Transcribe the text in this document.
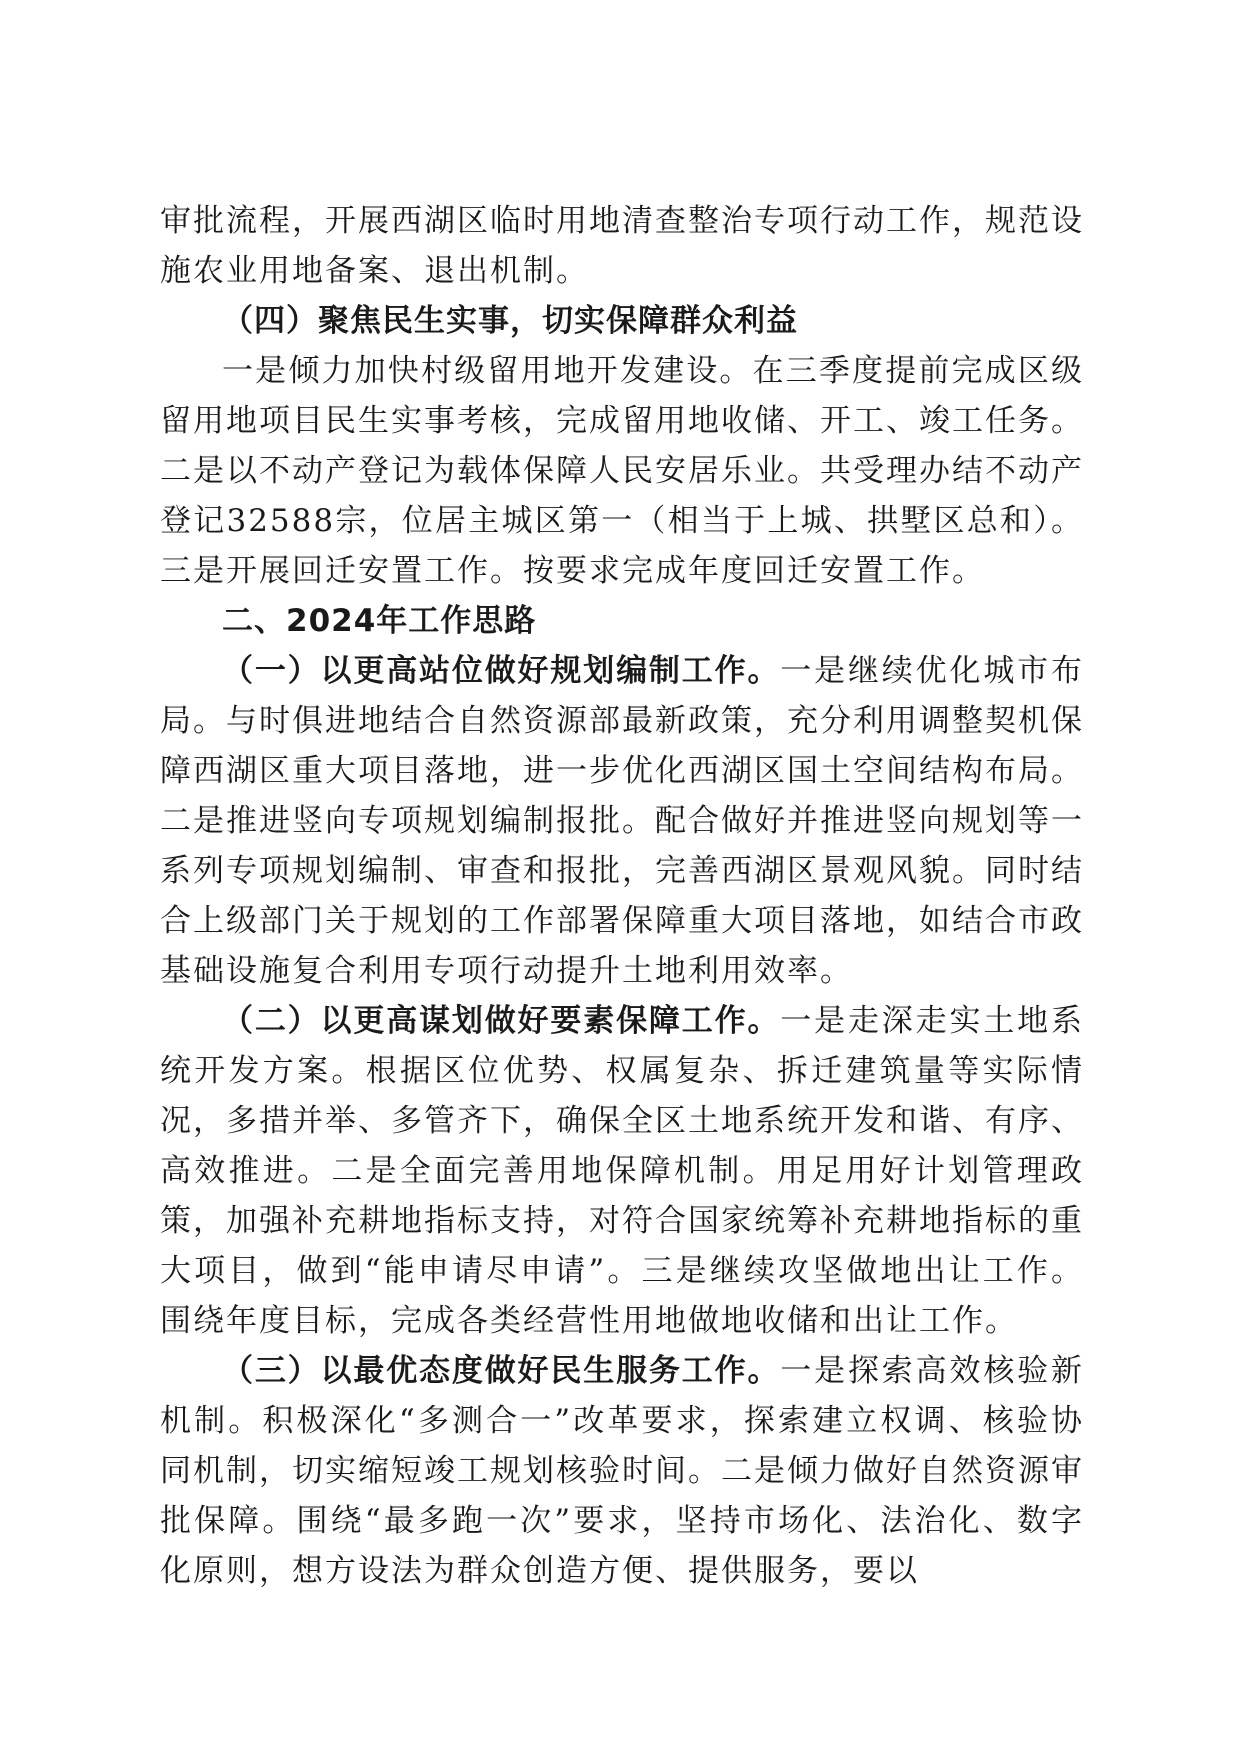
审批流程，开展西湖区临时用地清查整治专项行动工作，规范设施农业用地备案、退出机制。

（四）聚焦民生实事，切实保障群众利益

一是倾力加快村级留用地开发建设。在三季度提前完成区级留用地项目民生实事考核，完成留用地收储、开工、竣工任务。二是以不动产登记为载体保障人民安居乐业。共受理办结不动产登记32588宗，位居主城区第一（相当于上城、拱墅区总和）。三是开展回迁安置工作。按要求完成年度回迁安置工作。

二、2024年工作思路

（一）以更高站位做好规划编制工作。一是继续优化城市布局。与时俱进地结合自然资源部最新政策，充分利用调整契机保障西湖区重大项目落地，进一步优化西湖区国土空间结构布局。二是推进竖向专项规划编制报批。配合做好并推进竖向规划等一系列专项规划编制、审查和报批，完善西湖区景观风貌。同时结合上级部门关于规划的工作部署保障重大项目落地，如结合市政基础设施复合利用专项行动提升土地利用效率。

（二）以更高谋划做好要素保障工作。一是走深走实土地系统开发方案。根据区位优势、权属复杂、拆迁建筑量等实际情况，多措并举、多管齐下，确保全区土地系统开发和谐、有序、高效推进。二是全面完善用地保障机制。用足用好计划管理政策，加强补充耕地指标支持，对符合国家统筹补充耕地指标的重大项目，做到“能申请尽申请”。三是继续攻坚做地出让工作。围绕年度目标，完成各类经营性用地做地收储和出让工作。

（三）以最优态度做好民生服务工作。一是探索高效核验新机制。积极深化“多测合一”改革要求，探索建立权调、核验协同机制，切实缩短竣工规划核验时间。二是倾力做好自然资源审批保障。围绕“最多跑一次”要求，坚持市场化、法治化、数字化原则，想方设法为群众创造方便、提供服务，要以
